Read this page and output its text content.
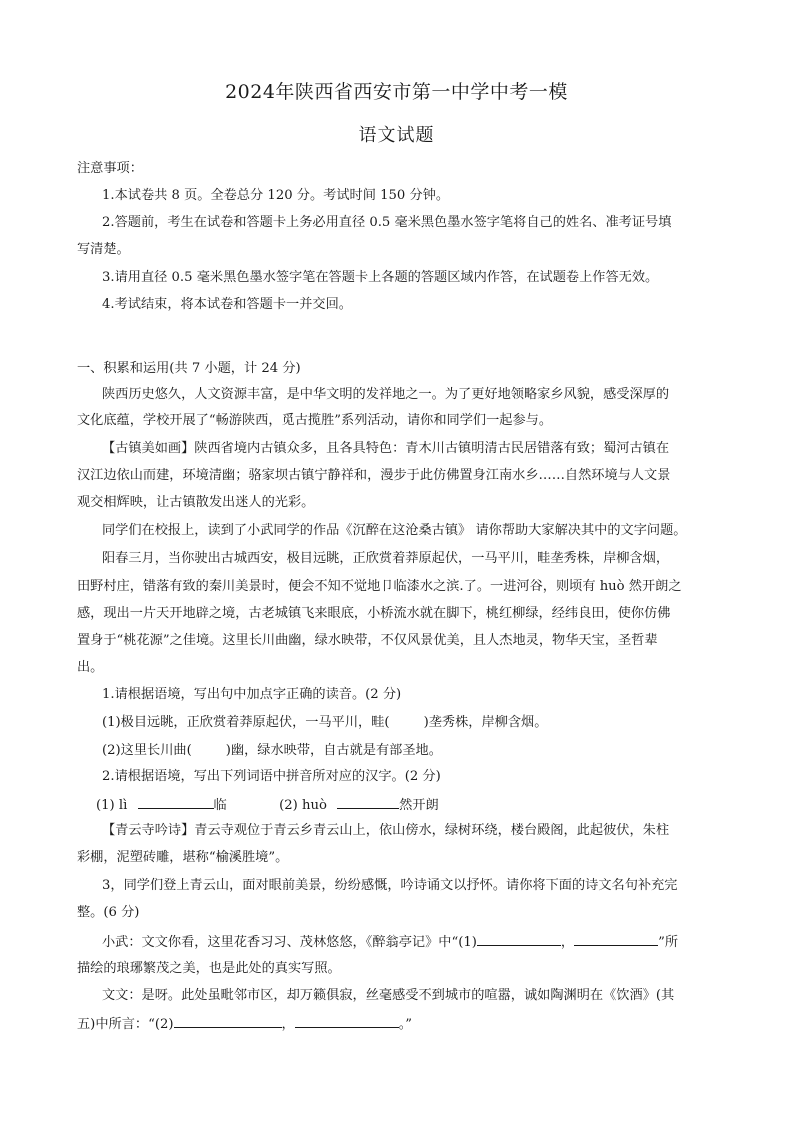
2024年陕西省西安市第一中学中考一模
语文试题
注意事项：
1.本试卷共 8 页。全卷总分 120 分。考试时间 150 分钟。
2.答题前，考生在试卷和答题卡上务必用直径 0.5 毫米黑色墨水签字笔将自己的姓名、准考证号填
写清楚。
3.请用直径 0.5 毫米黑色墨水签字笔在答题卡上各题的答题区域内作答，在试题卷上作答无效。
4.考试结束，将本试卷和答题卡一并交回。
一、积累和运用(共 7 小题，计 24 分)
陕西历史悠久，人文资源丰富，是中华文明的发祥地之一。为了更好地领略家乡风貌，感受深厚的
文化底蕴，学校开展了“畅游陕西，觅古揽胜”系列活动，请你和同学们一起参与。
【古镇美如画】陕西省境内古镇众多，且各具特色：青木川古镇明清古民居错落有致；蜀河古镇在
汉江边依山而建，环境清幽；骆家坝古镇宁静祥和，漫步于此仿佛置身江南水乡……自然环境与人文景
观交相辉映，让古镇散发出迷人的光彩。
同学们在校报上，读到了小武同学的作品《沉醉在这沧桑古镇》 请你帮助大家解决其中的文字问题。
阳春三月，当你驶出古城西安，极目远眺，正欣赏着莽原起伏，一马平川，畦垄秀株，岸柳含烟，
田野村庄，错落有致的秦川美景时，便会不知不觉地卩临漆水之滨.了。一进河谷，则顷有 huò 然开朗之
感，现出一片天开地辟之境，古老城镇飞来眼底，小桥流水就在脚下，桃红柳绿，经纬良田，使你仿佛
置身于“桃花源”之佳境。这里长川曲幽，绿水映带，不仅风景优美，且人杰地灵，物华天宝，圣哲辈
出。
1.请根据语境，写出句中加点字正确的读音。(2 分)
(1)极目远眺，正欣赏着莽原起伏，一马平川，畦(	)垄秀株，岸柳含烟。
(2)这里长川曲(	)幽，绿水映带，自古就是有部圣地。
2.请根据语境，写出下列词语中拼音所对应的汉字。(2 分)
(1) lì	临	(2) huò	然开朗
【青云寺吟诗】青云寺观位于青云乡青云山上，依山傍水，绿树环绕，楼台殿阁，此起彼伏，朱柱
彩棚，泥塑砖雕，堪称“榆溪胜境”。
3，同学们登上青云山，面对眼前美景，纷纷感慨，吟诗诵文以抒怀。请你将下面的诗文名句补充完
整。(6 分)
小武：文文你看，这里花香习习、茂林悠悠，《醉翁亭记》中“(1)	，	”所
描绘的琅琊繁茂之美，也是此处的真实写照。
文文：是呀。此处虽毗邻市区，却万籁俱寂，丝毫感受不到城市的喧嚣，诚如陶渊明在《饮酒》(其
五)中所言：“(2)	，	。”
